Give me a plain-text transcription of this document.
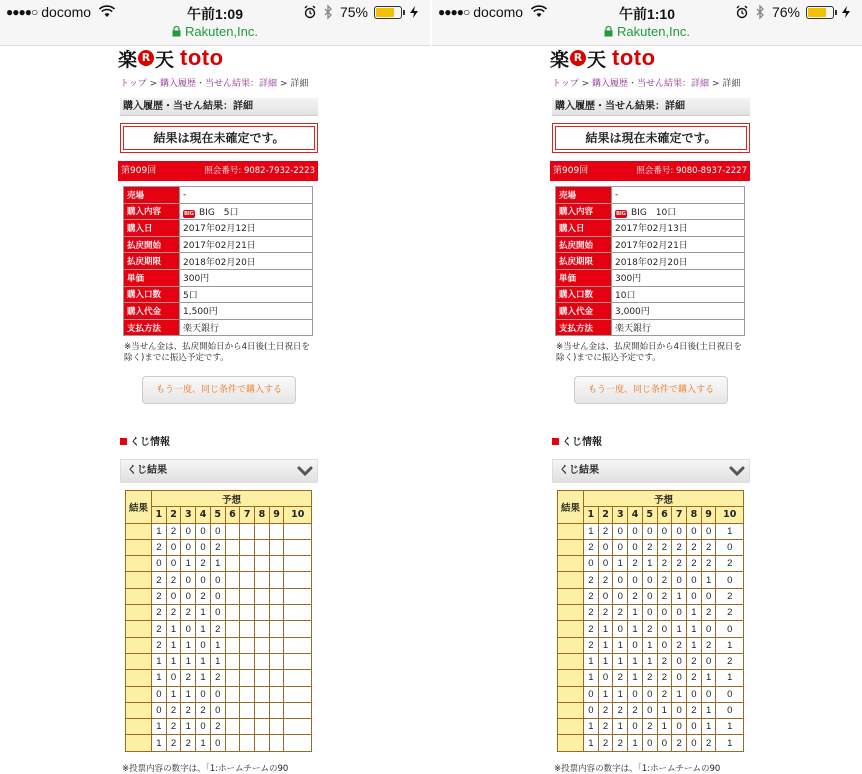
●●●●○ docomo	午前1:09	75%
Rakuten,Inc.
楽 R 天 toto
トップ > 購入履歴・当せん結果：詳細 > 詳細
購入履歴・当せん結果：詳細
結果は現在未確定です。
第909回	照会番号: 9082-7932-2223
売場	-
購入内容	BIG BIG　5口
購入日	2017年02月12日
払戻開始	2017年02月21日
払戻期限	2018年02月20日
単価	300円
購入口数	5口
購入代金	1,500円
支払方法	楽天銀行
※当せん金は、払戻開始日から4日後(土日祝日を除く)までに振込予定です。
もう一度、同じ条件で購入する
くじ情報
くじ結果
結果	予想									
	1	2	3	4	5	6	7	8	9	10
	1	2	0	0	0					
	2	0	0	0	2					
	0	0	1	2	1					
	2	2	0	0	0					
	2	0	0	2	0					
	2	2	2	1	0					
	2	1	0	1	2					
	2	1	1	0	1					
	1	1	1	1	1					
	1	0	2	1	2					
	0	1	1	0	0					
	0	2	2	2	0					
	1	2	1	0	2					
	1	2	2	1	0					
※投票内容の数字は、「1:ホームチームの90
●●●●○ docomo	午前1:10	76%
Rakuten,Inc.
楽 R 天 toto
トップ > 購入履歴・当せん結果：詳細 > 詳細
購入履歴・当せん結果：詳細
結果は現在未確定です。
第909回	照会番号: 9080-8937-2227
売場	-
購入内容	BIG BIG　10口
購入日	2017年02月13日
払戻開始	2017年02月21日
払戻期限	2018年02月20日
単価	300円
購入口数	10口
購入代金	3,000円
支払方法	楽天銀行
※当せん金は、払戻開始日から4日後(土日祝日を除く)までに振込予定です。
もう一度、同じ条件で購入する
くじ情報
くじ結果
結果	予想									
	1	2	3	4	5	6	7	8	9	10
	1	2	0	0	0	0	0	0	0	1
	2	0	0	0	2	2	2	2	2	0
	0	0	1	2	1	2	2	2	2	2
	2	2	0	0	0	2	0	0	1	0
	2	0	0	2	0	2	1	0	0	2
	2	2	2	1	0	0	0	1	2	2
	2	1	0	1	2	0	1	1	0	0
	2	1	1	0	1	0	2	1	2	1
	1	1	1	1	1	2	0	2	0	2
	1	0	2	1	2	2	0	2	1	1
	0	1	1	0	0	2	1	0	0	0
	0	2	2	2	0	1	0	2	1	0
	1	2	1	0	2	1	0	0	1	1
	1	2	2	1	0	0	2	0	2	1
※投票内容の数字は、「1:ホームチームの90
